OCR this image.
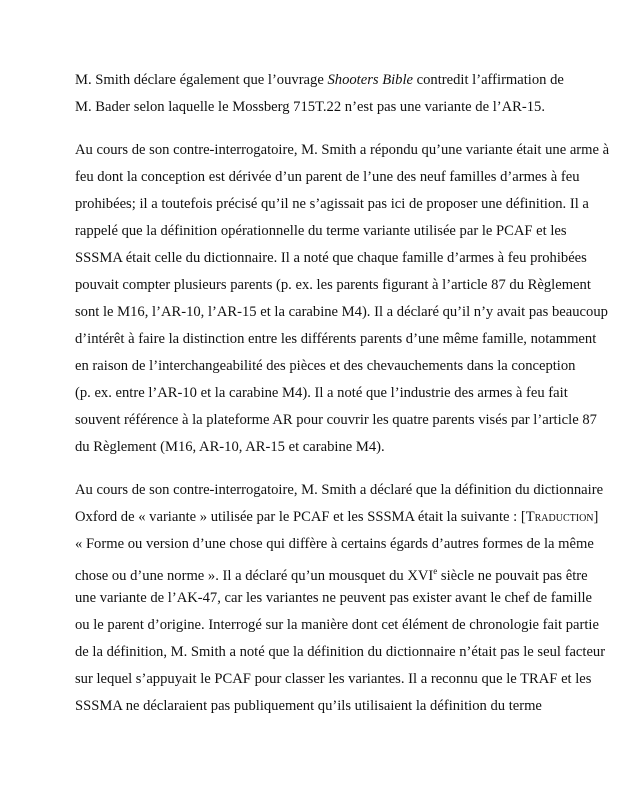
M. Smith déclare également que l’ouvrage Shooters Bible contredit l’affirmation de
M. Bader selon laquelle le Mossberg 715T.22 n’est pas une variante de l’AR-15.
Au cours de son contre-interrogatoire, M. Smith a répondu qu’une variante était une arme à
feu dont la conception est dérivée d’un parent de l’une des neuf familles d’armes à feu
prohibées; il a toutefois précisé qu’il ne s’agissait pas ici de proposer une définition. Il a
rappelé que la définition opérationnelle du terme variante utilisée par le PCAF et les
SSSMA était celle du dictionnaire. Il a noté que chaque famille d’armes à feu prohibées
pouvait compter plusieurs parents (p. ex. les parents figurant à l’article 87 du Règlement
sont le M16, l’AR-10, l’AR-15 et la carabine M4). Il a déclaré qu’il n’y avait pas beaucoup
d’intérêt à faire la distinction entre les différents parents d’une même famille, notamment
en raison de l’interchangeabilité des pièces et des chevauchements dans la conception
(p. ex. entre l’AR-10 et la carabine M4). Il a noté que l’industrie des armes à feu fait
souvent référence à la plateforme AR pour couvrir les quatre parents visés par l’article 87
du Règlement (M16, AR-10, AR-15 et carabine M4).
Au cours de son contre-interrogatoire, M. Smith a déclaré que la définition du dictionnaire
Oxford de « variante » utilisée par le PCAF et les SSSMA était la suivante : [Traduction]
« Forme ou version d’une chose qui diffère à certains égards d’autres formes de la même
chose ou d’une norme ». Il a déclaré qu’un mousquet du XVIe siècle ne pouvait pas être
une variante de l’AK-47, car les variantes ne peuvent pas exister avant le chef de famille
ou le parent d’origine. Interrogé sur la manière dont cet élément de chronologie fait partie
de la définition, M. Smith a noté que la définition du dictionnaire n’était pas le seul facteur
sur lequel s’appuyait le PCAF pour classer les variantes. Il a reconnu que le TRAF et les
SSSMA ne déclaraient pas publiquement qu’ils utilisaient la définition du terme
